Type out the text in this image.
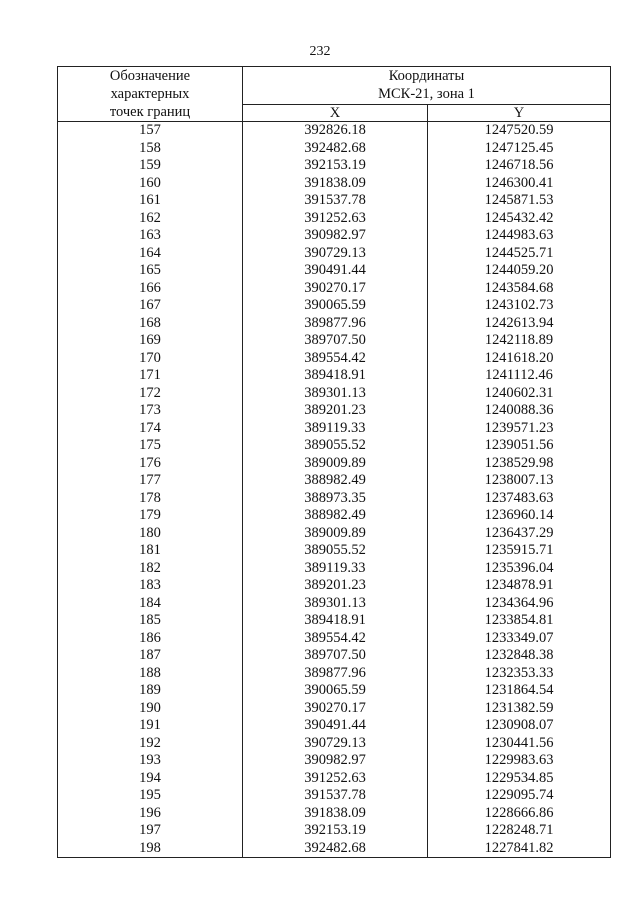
232
Обозначение
характерных
точек границ	Координаты
МСК-21, зона 1	

	X	Y
157	392826.18	1247520.59
158	392482.68	1247125.45
159	392153.19	1246718.56
160	391838.09	1246300.41
161	391537.78	1245871.53
162	391252.63	1245432.42
163	390982.97	1244983.63
164	390729.13	1244525.71
165	390491.44	1244059.20
166	390270.17	1243584.68
167	390065.59	1243102.73
168	389877.96	1242613.94
169	389707.50	1242118.89
170	389554.42	1241618.20
171	389418.91	1241112.46
172	389301.13	1240602.31
173	389201.23	1240088.36
174	389119.33	1239571.23
175	389055.52	1239051.56
176	389009.89	1238529.98
177	388982.49	1238007.13
178	388973.35	1237483.63
179	388982.49	1236960.14
180	389009.89	1236437.29
181	389055.52	1235915.71
182	389119.33	1235396.04
183	389201.23	1234878.91
184	389301.13	1234364.96
185	389418.91	1233854.81
186	389554.42	1233349.07
187	389707.50	1232848.38
188	389877.96	1232353.33
189	390065.59	1231864.54
190	390270.17	1231382.59
191	390491.44	1230908.07
192	390729.13	1230441.56
193	390982.97	1229983.63
194	391252.63	1229534.85
195	391537.78	1229095.74
196	391838.09	1228666.86
197	392153.19	1228248.71
198	392482.68	1227841.82
